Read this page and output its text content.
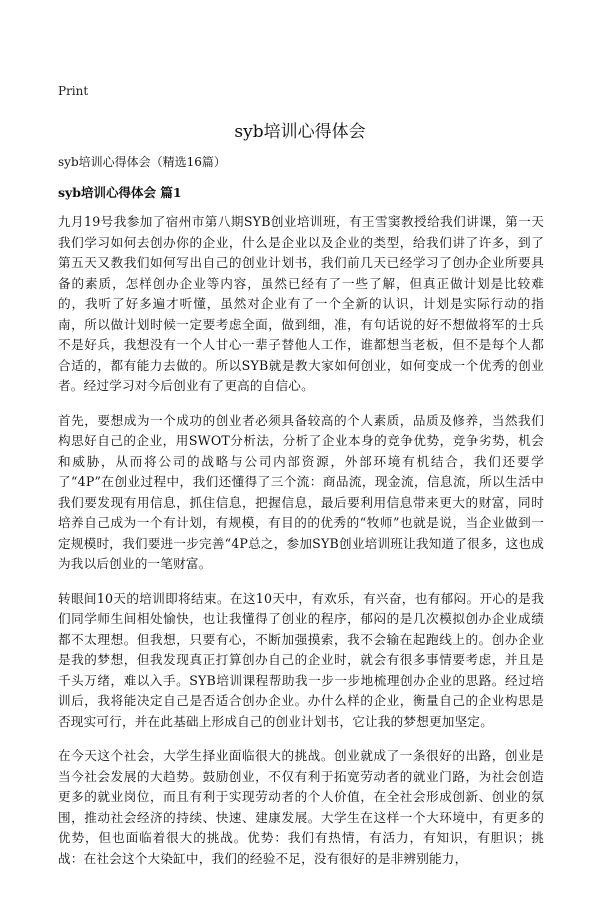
Print
syb培训心得体会
syb培训心得体会（精选16篇）
syb培训心得体会 篇1

九月19号我参加了宿州市第八期SYB创业培训班，有王雪窦教授给我们讲课，第一天我们学习如何去创办你的企业，什么是企业以及企业的类型，给我们讲了许多，到了第五天又教我们如何写出自己的创业计划书，我们前几天已经学习了创办企业所要具备的素质，怎样创办企业等内容，虽然已经有了一些了解，但真正做计划是比较难的，我听了好多遍才听懂，虽然对企业有了一个全新的认识，计划是实际行动的指南，所以做计划时候一定要考虑全面，做到细，准，有句话说的好不想做将军的士兵不是好兵，我想没有一个人甘心一辈子替他人工作，谁都想当老板，但不是每个人都合适的，都有能力去做的。所以SYB就是教大家如何创业，如何变成一个优秀的创业者。经过学习对今后创业有了更高的自信心。

首先，要想成为一个成功的创业者必须具备较高的个人素质，品质及修养，当然我们构思好自己的企业，用SWOT分析法，分析了企业本身的竞争优势，竞争劣势，机会和威胁，从而将公司的战略与公司内部资源，外部环境有机结合，我们还要学了“4P”在创业过程中，我们还懂得了三个流：商品流，现金流，信息流，所以生活中我们要发现有用信息，抓住信息，把握信息，最后要利用信息带来更大的财富，同时培养自己成为一个有计划，有规模，有目的的优秀的“牧师”也就是说，当企业做到一定规模时，我们要进一步完善“4P总之，参加SYB创业培训班让我知道了很多，这也成为我以后创业的一笔财富。

转眼间10天的培训即将结束。在这10天中，有欢乐，有兴奋，也有郁闷。开心的是我们同学师生间相处愉快，也让我懂得了创业的程序，郁闷的是几次模拟创办企业成绩都不太理想。但我想，只要有心，不断加强摸索，我不会输在起跑线上的。创办企业是我的梦想，但我发现真正打算创办自己的企业时，就会有很多事情要考虑，并且是千头万绪，难以入手。SYB培训课程帮助我一步一步地梳理创办企业的思路。经过培训后，我将能决定自己是否适合创办企业。办什么样的企业，衡量自己的企业构思是否现实可行，并在此基础上形成自己的创业计划书，它让我的梦想更加坚定。

在今天这个社会，大学生择业面临很大的挑战。创业就成了一条很好的出路，创业是当今社会发展的大趋势。鼓励创业，不仅有利于拓宽劳动者的就业门路，为社会创造更多的就业岗位，而且有利于实现劳动者的个人价值，在全社会形成创新、创业的氛围，推动社会经济的持续、快速、建康发展。大学生在这样一个大环境中，有更多的优势，但也面临着很大的挑战。优势：我们有热情，有活力，有知识，有胆识；挑战：在社会这个大染缸中，我们的经验不足，没有很好的是非辨别能力，
